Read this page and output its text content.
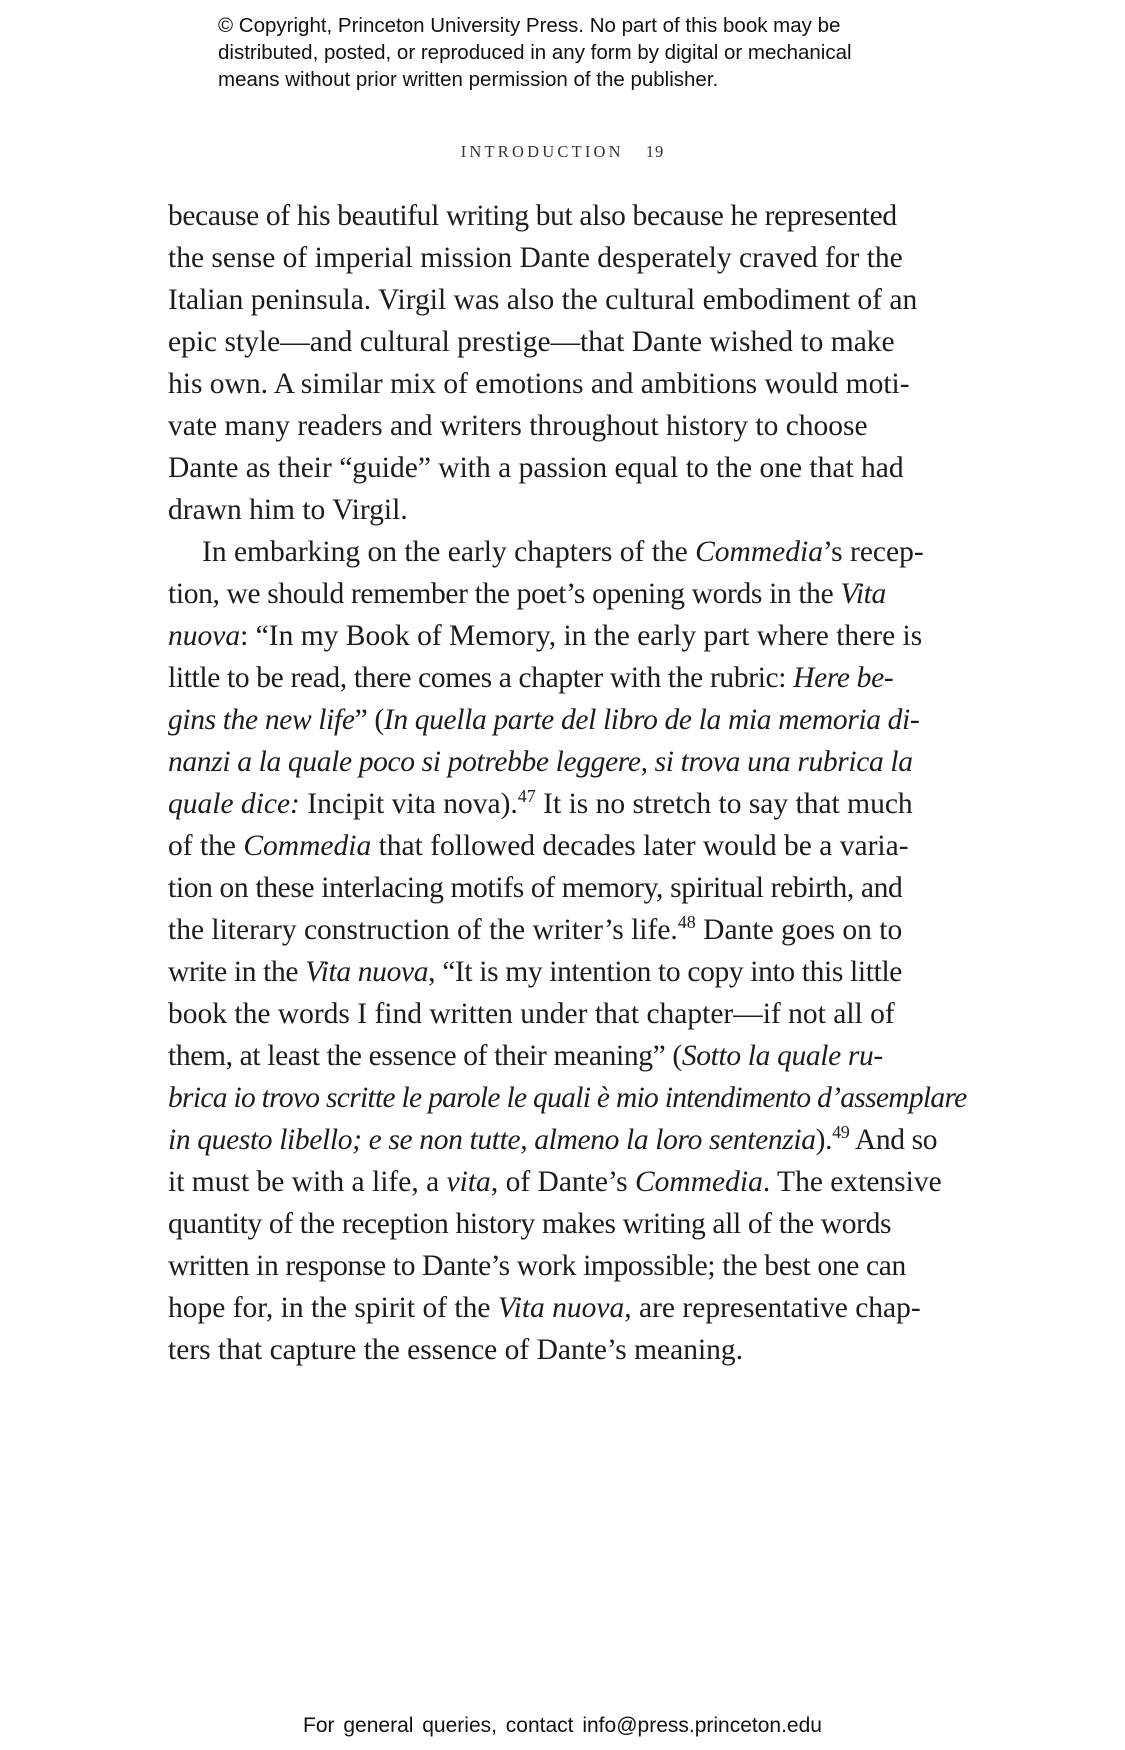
© Copyright, Princeton University Press. No part of this book may be
distributed, posted, or reproduced in any form by digital or mechanical
means without prior written permission of the publisher.
INTRODUCTION 19
because of his beautiful writing but also because he represented
the sense of imperial mission Dante desperately craved for the
Italian peninsula. Virgil was also the cultural embodiment of an
epic style—and cultural prestige—that Dante wished to make
his own. A similar mix of emotions and ambitions would moti-
vate many readers and writers throughout history to choose
Dante as their “guide” with a passion equal to the one that had
drawn him to Virgil.
In embarking on the early chapters of the Commedia’s recep-
tion, we should remember the poet’s opening words in the Vita
nuova: “In my Book of Memory, in the early part where there is
little to be read, there comes a chapter with the rubric: Here be-
gins the new life” (In quella parte del libro de la mia memoria di-
nanzi a la quale poco si potrebbe leggere, si trova una rubrica la
quale dice: Incipit vita nova).$^{47}$ It is no stretch to say that much
of the Commedia that followed decades later would be a varia-
tion on these interlacing motifs of memory, spiritual rebirth, and
the literary construction of the writer’s life.$^{48}$ Dante goes on to
write in the Vita nuova, “It is my intention to copy into this little
book the words I find written under that chapter—if not all of
them, at least the essence of their meaning” (Sotto la quale ru-
brica io trovo scritte le parole le quali è mio intendimento d’assemplare
in questo libello; e se non tutte, almeno la loro sentenzia).$^{49}$ And so
it must be with a life, a vita, of Dante’s Commedia. The extensive
quantity of the reception history makes writing all of the words
written in response to Dante’s work impossible; the best one can
hope for, in the spirit of the Vita nuova, are representative chap-
ters that capture the essence of Dante’s meaning.
For general queries, contact info@press.princeton.edu
